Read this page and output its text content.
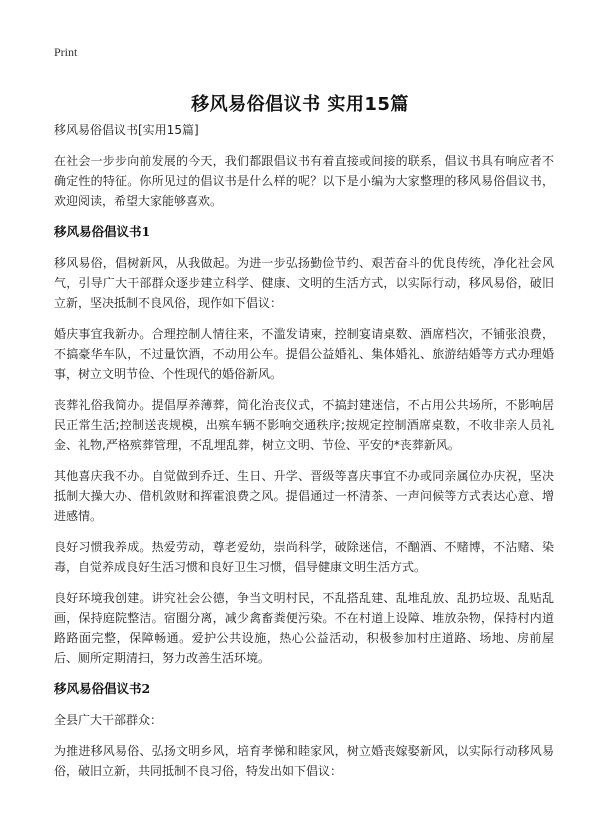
Print
移风易俗倡议书 实用15篇

移风易俗倡议书[实用15篇]

在社会一步步向前发展的今天，我们都跟倡议书有着直接或间接的联系，倡议书具有响应者不确定性的特征。你所见过的倡议书是什么样的呢？以下是小编为大家整理的移风易俗倡议书，欢迎阅读，希望大家能够喜欢。

移风易俗倡议书1

移风易俗，倡树新风，从我做起。为进一步弘扬勤俭节约、艰苦奋斗的优良传统，净化社会风气，引导广大干部群众逐步建立科学、健康、文明的生活方式，以实际行动，移风易俗，破旧立新，坚决抵制不良风俗，现作如下倡议：

婚庆事宜我新办。合理控制人情往来，不滥发请柬，控制宴请桌数、酒席档次，不铺张浪费，不搞豪华车队，不过量饮酒，不动用公车。提倡公益婚礼、集体婚礼、旅游结婚等方式办理婚事，树立文明节俭、个性现代的婚俗新风。

丧葬礼俗我简办。提倡厚养薄葬，简化治丧仪式，不搞封建迷信，不占用公共场所，不影响居民正常生活;控制送丧规模，出殡车辆不影响交通秩序;按规定控制酒席桌数，不收非亲人员礼金、礼物,严格殡葬管理，不乱埋乱葬，树立文明、节俭、平安的*丧葬新风。

其他喜庆我不办。自觉做到乔迁、生日、升学、晋级等喜庆事宜不办或同亲属位办庆祝，坚决抵制大操大办、借机敛财和挥霍浪费之风。提倡通过一杯清茶、一声问候等方式表达心意、增进感情。

良好习惯我养成。热爱劳动，尊老爱幼，崇尚科学，破除迷信，不酗酒、不赌博，不沾赌、染毒，自觉养成良好生活习惯和良好卫生习惯，倡导健康文明生活方式。

良好环境我创建。讲究社会公德，争当文明村民，不乱搭乱建、乱堆乱放、乱扔垃圾、乱贴乱画，保持庭院整洁。宿圈分离，减少禽畜粪便污染。不在村道上设障、堆放杂物，保持村内道路路面完整，保障畅通。爱护公共设施，热心公益活动，积极参加村庄道路、场地、房前屋后、厕所定期清扫，努力改善生活环境。

移风易俗倡议书2

全县广大干部群众：

为推进移风易俗、弘扬文明乡风，培育孝悌和睦家风，树立婚丧嫁娶新风，以实际行动移风易俗，破旧立新，共同抵制不良习俗，特发出如下倡议：
